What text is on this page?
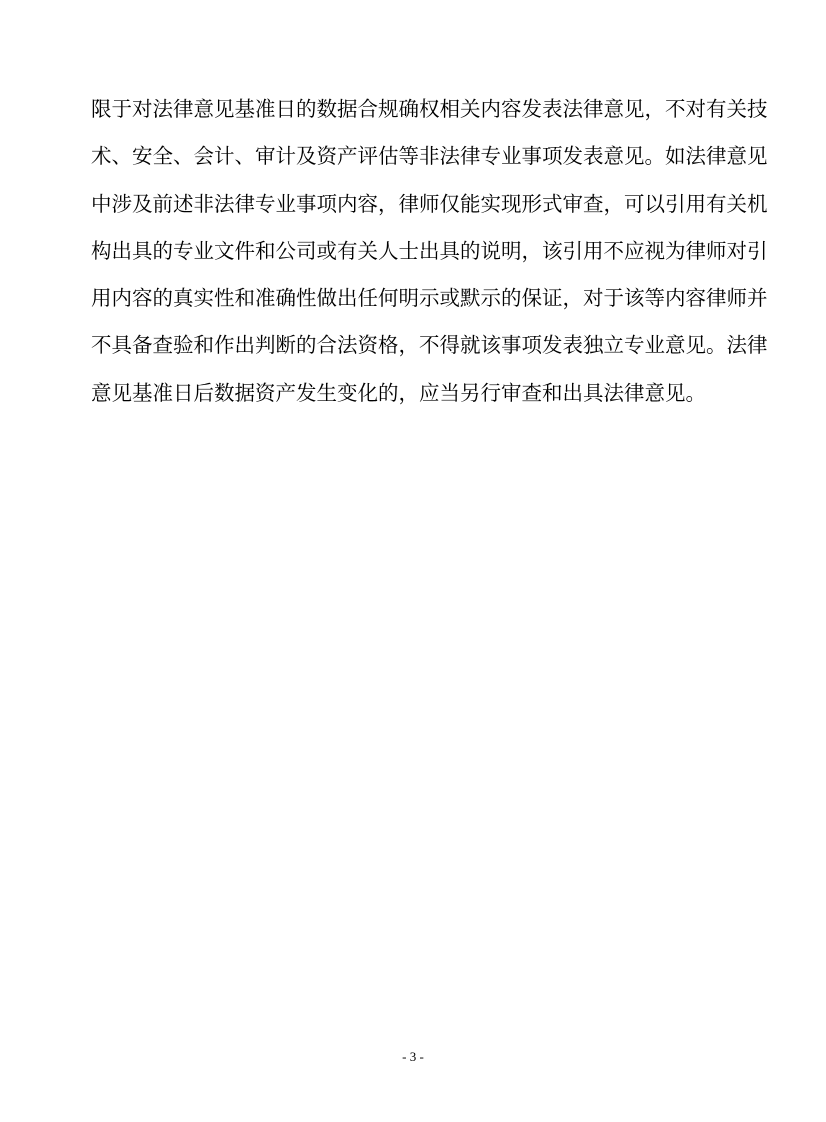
限于对法律意见基准日的数据合规确权相关内容发表法律意见，不对有关技
术、安全、会计、审计及资产评估等非法律专业事项发表意见。如法律意见
中涉及前述非法律专业事项内容，律师仅能实现形式审查，可以引用有关机
构出具的专业文件和公司或有关人士出具的说明，该引用不应视为律师对引
用内容的真实性和准确性做出任何明示或默示的保证，对于该等内容律师并
不具备查验和作出判断的合法资格，不得就该事项发表独立专业意见。法律
意见基准日后数据资产发生变化的，应当另行审查和出具法律意见。
- 3 -
